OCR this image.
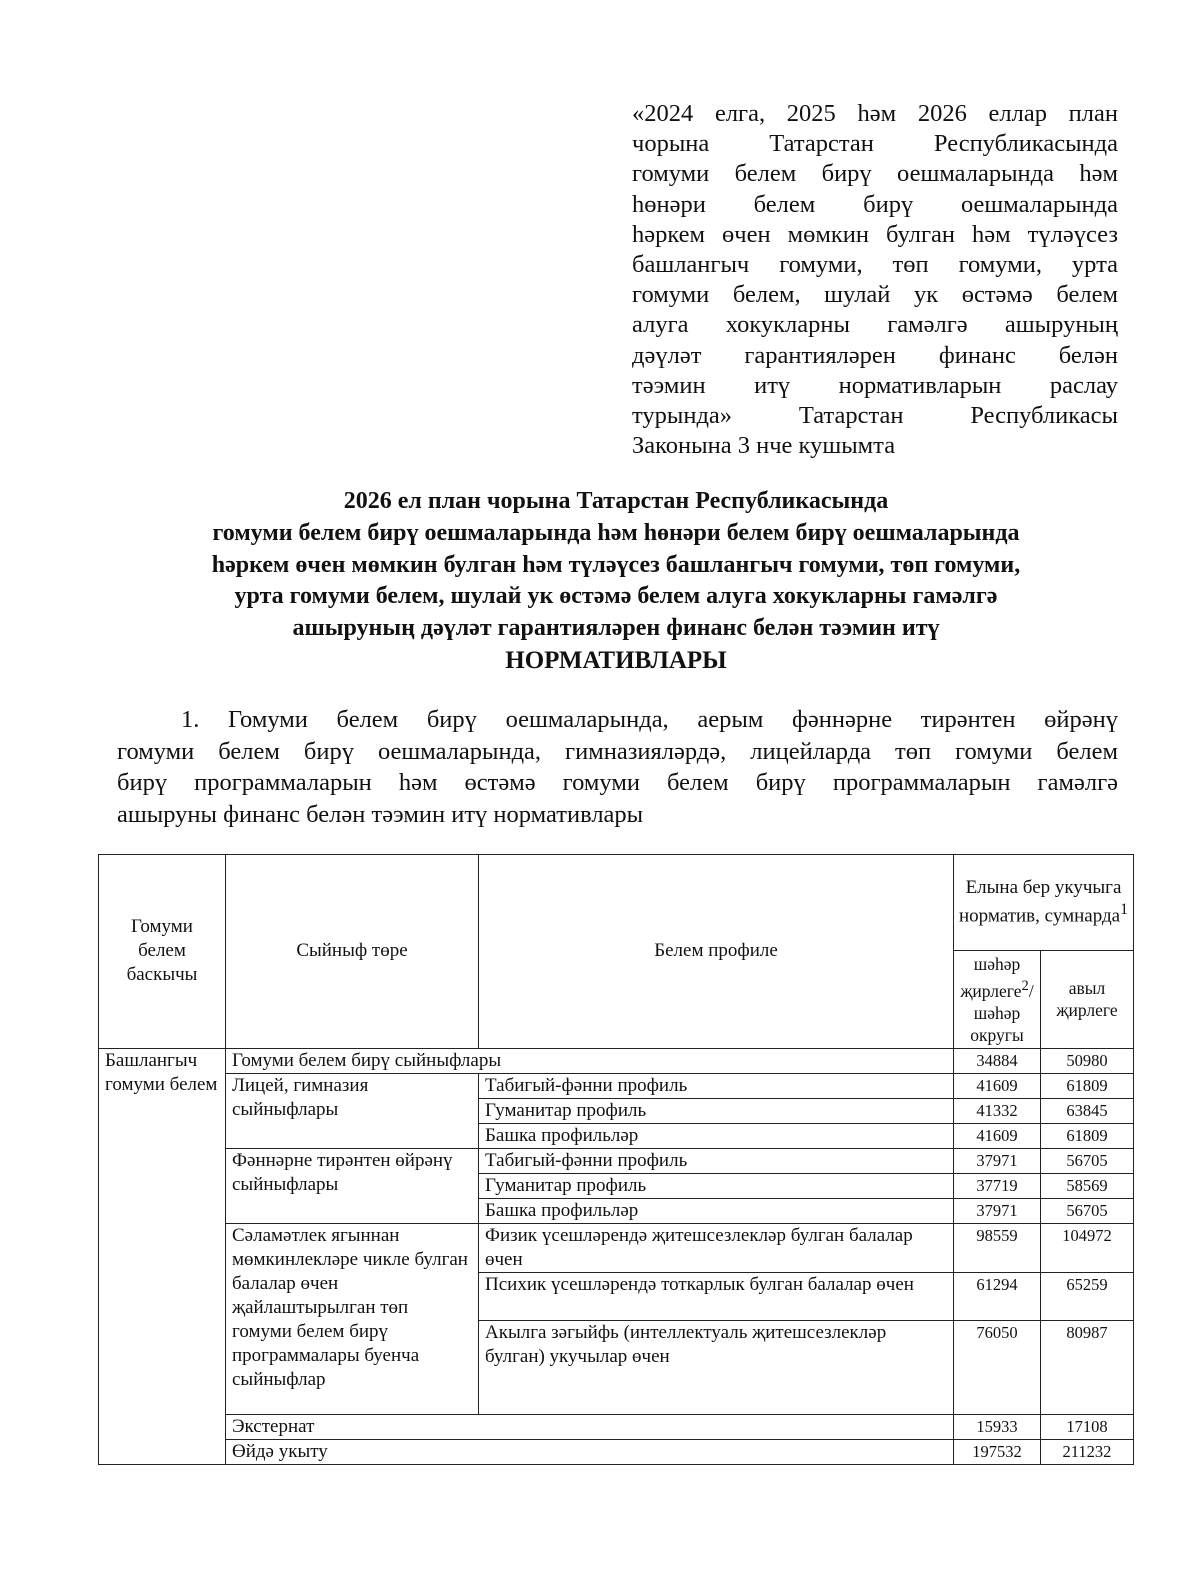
«2024 елга, 2025 һәм 2026 еллар план
чорына Татарстан Республикасында
гомуми белем бирү оешмаларында һәм
һөнәри белем бирү оешмаларында
һәркем өчен мөмкин булган һәм түләүсез
башлангыч гомуми, төп гомуми, урта
гомуми белем, шулай ук өстәмә белем
алуга хокукларны гамәлгә ашыруның
дәүләт гарантияләрен финанс белән
тәэмин итү нормативларын раслау
турында» Татарстан Республикасы
Законына 3 нче кушымта
2026 ел план чорына Татарстан Республикасында
гомуми белем бирү оешмаларында һәм һөнәри белем бирү оешмаларында
һәркем өчен мөмкин булган һәм түләүсез башлангыч гомуми, төп гомуми,
урта гомуми белем, шулай ук өстәмә белем алуга хокукларны гамәлгә
ашыруның дәүләт гарантияләрен финанс белән тәэмин итү
НОРМАТИВЛАРЫ
1. Гомуми белем бирү оешмаларында, аерым фәннәрне тирәнтен өйрәнү
гомуми белем бирү оешмаларында, гимназияләрдә, лицейларда төп гомуми белем
бирү программаларын һәм өстәмә гомуми белем бирү программаларын гамәлгә
ашыруны финанс белән тәэмин итү нормативлары
Гомуми белем баскычы	Сыйныф төре	Белем профиле	Елына бер укучыга норматив, сумнарда$^1$
			шәһәр җирлеге$^2$/ шәһәр округы	авыл җирлеге
Башлангыч гомуми белем	Гомуми белем бирү сыйныфлары		34884	50980
	Лицей, гимназия сыйныфлары	Табигый-фәнни профиль	41609	61809
		Гуманитар профиль	41332	63845
		Башка профильләр	41609	61809
	Фәннәрне тирәнтен өйрәнү сыйныфлары	Табигый-фәнни профиль	37971	56705
		Гуманитар профиль	37719	58569
		Башка профильләр	37971	56705
	Сәламәтлек ягыннан мөмкинлекләре чикле булган балалар өчен җайлаштырылган төп гомуми белем бирү программалары буенча сыйныфлар	Физик үсешләрендә җитешсезлекләр булган балалар өчен	98559	104972
		Психик үсешләрендә тоткарлык булган балалар өчен	61294	65259
		Акылга зәгыйфь (интеллектуаль җитешсезлекләр булган) укучылар өчен	76050	80987
	Экстернат		15933	17108
	Өйдә укыту		197532	211232
